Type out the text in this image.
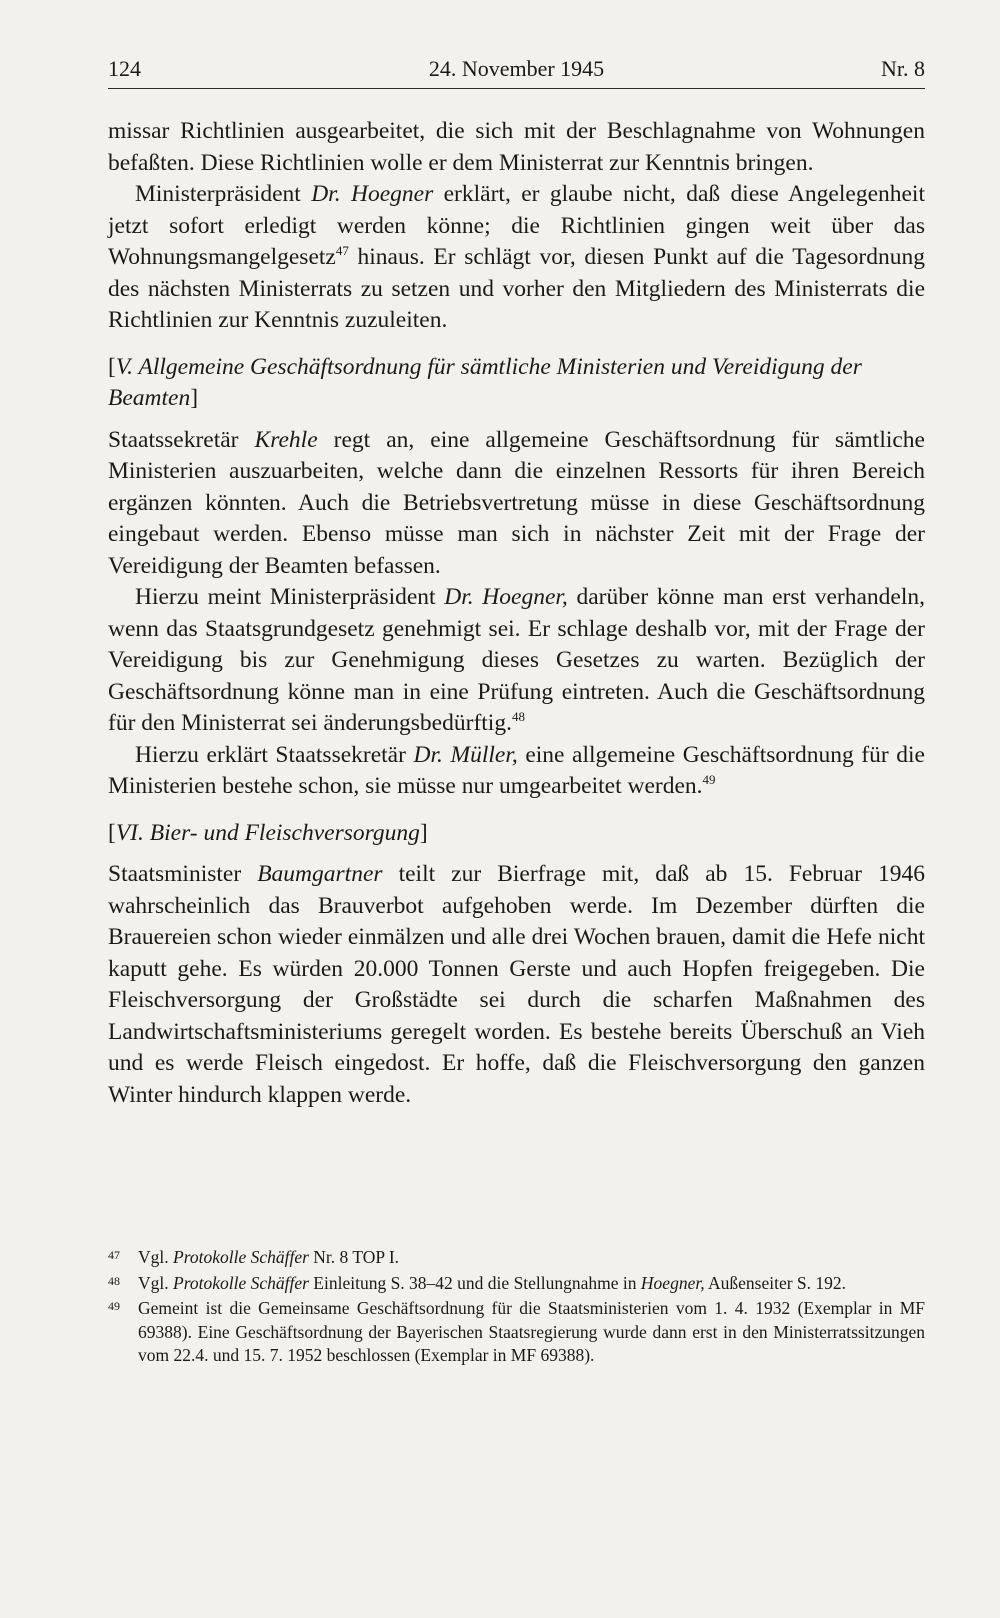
124	24. November 1945	Nr. 8

missar Richtlinien ausgearbeitet, die sich mit der Beschlagnahme von Wohnungen befaßten. Diese Richtlinien wolle er dem Ministerrat zur Kenntnis bringen.

Ministerpräsident Dr. Hoegner erklärt, er glaube nicht, daß diese Angelegenheit jetzt sofort erledigt werden könne; die Richtlinien gingen weit über das Wohnungsmangelgesetz$^{47}$ hinaus. Er schlägt vor, diesen Punkt auf die Tagesordnung des nächsten Ministerrats zu setzen und vorher den Mitgliedern des Ministerrats die Richtlinien zur Kenntnis zuzuleiten.

[V. Allgemeine Geschäftsordnung für sämtliche Ministerien und Vereidigung der Beamten]

Staatssekretär Krehle regt an, eine allgemeine Geschäftsordnung für sämtliche Ministerien auszuarbeiten, welche dann die einzelnen Ressorts für ihren Bereich ergänzen könnten. Auch die Betriebsvertretung müsse in diese Geschäftsordnung eingebaut werden. Ebenso müsse man sich in nächster Zeit mit der Frage der Vereidigung der Beamten befassen.

Hierzu meint Ministerpräsident Dr. Hoegner, darüber könne man erst verhandeln, wenn das Staatsgrundgesetz genehmigt sei. Er schlage deshalb vor, mit der Frage der Vereidigung bis zur Genehmigung dieses Gesetzes zu warten. Bezüglich der Geschäftsordnung könne man in eine Prüfung eintreten. Auch die Geschäftsordnung für den Ministerrat sei änderungsbedürftig.$^{48}$

Hierzu erklärt Staatssekretär Dr. Müller, eine allgemeine Geschäftsordnung für die Ministerien bestehe schon, sie müsse nur umgearbeitet werden.$^{49}$

[VI. Bier- und Fleischversorgung]

Staatsminister Baumgartner teilt zur Bierfrage mit, daß ab 15. Februar 1946 wahrscheinlich das Brauverbot aufgehoben werde. Im Dezember dürften die Brauereien schon wieder einmälzen und alle drei Wochen brauen, damit die Hefe nicht kaputt gehe. Es würden 20.000 Tonnen Gerste und auch Hopfen freigegeben. Die Fleischversorgung der Großstädte sei durch die scharfen Maßnahmen des Landwirtschaftsministeriums geregelt worden. Es bestehe bereits Überschuß an Vieh und es werde Fleisch eingedost. Er hoffe, daß die Fleischversorgung den ganzen Winter hindurch klappen werde.

47	Vgl. Protokolle Schäffer Nr. 8 TOP I.
48	Vgl. Protokolle Schäffer Einleitung S. 38–42 und die Stellungnahme in Hoegner, Außenseiter S. 192.
49	Gemeint ist die Gemeinsame Geschäftsordnung für die Staatsministerien vom 1. 4. 1932 (Exemplar in MF 69388). Eine Geschäftsordnung der Bayerischen Staatsregierung wurde dann erst in den Ministerratssitzungen vom 22.4. und 15. 7. 1952 beschlossen (Exemplar in MF 69388).
